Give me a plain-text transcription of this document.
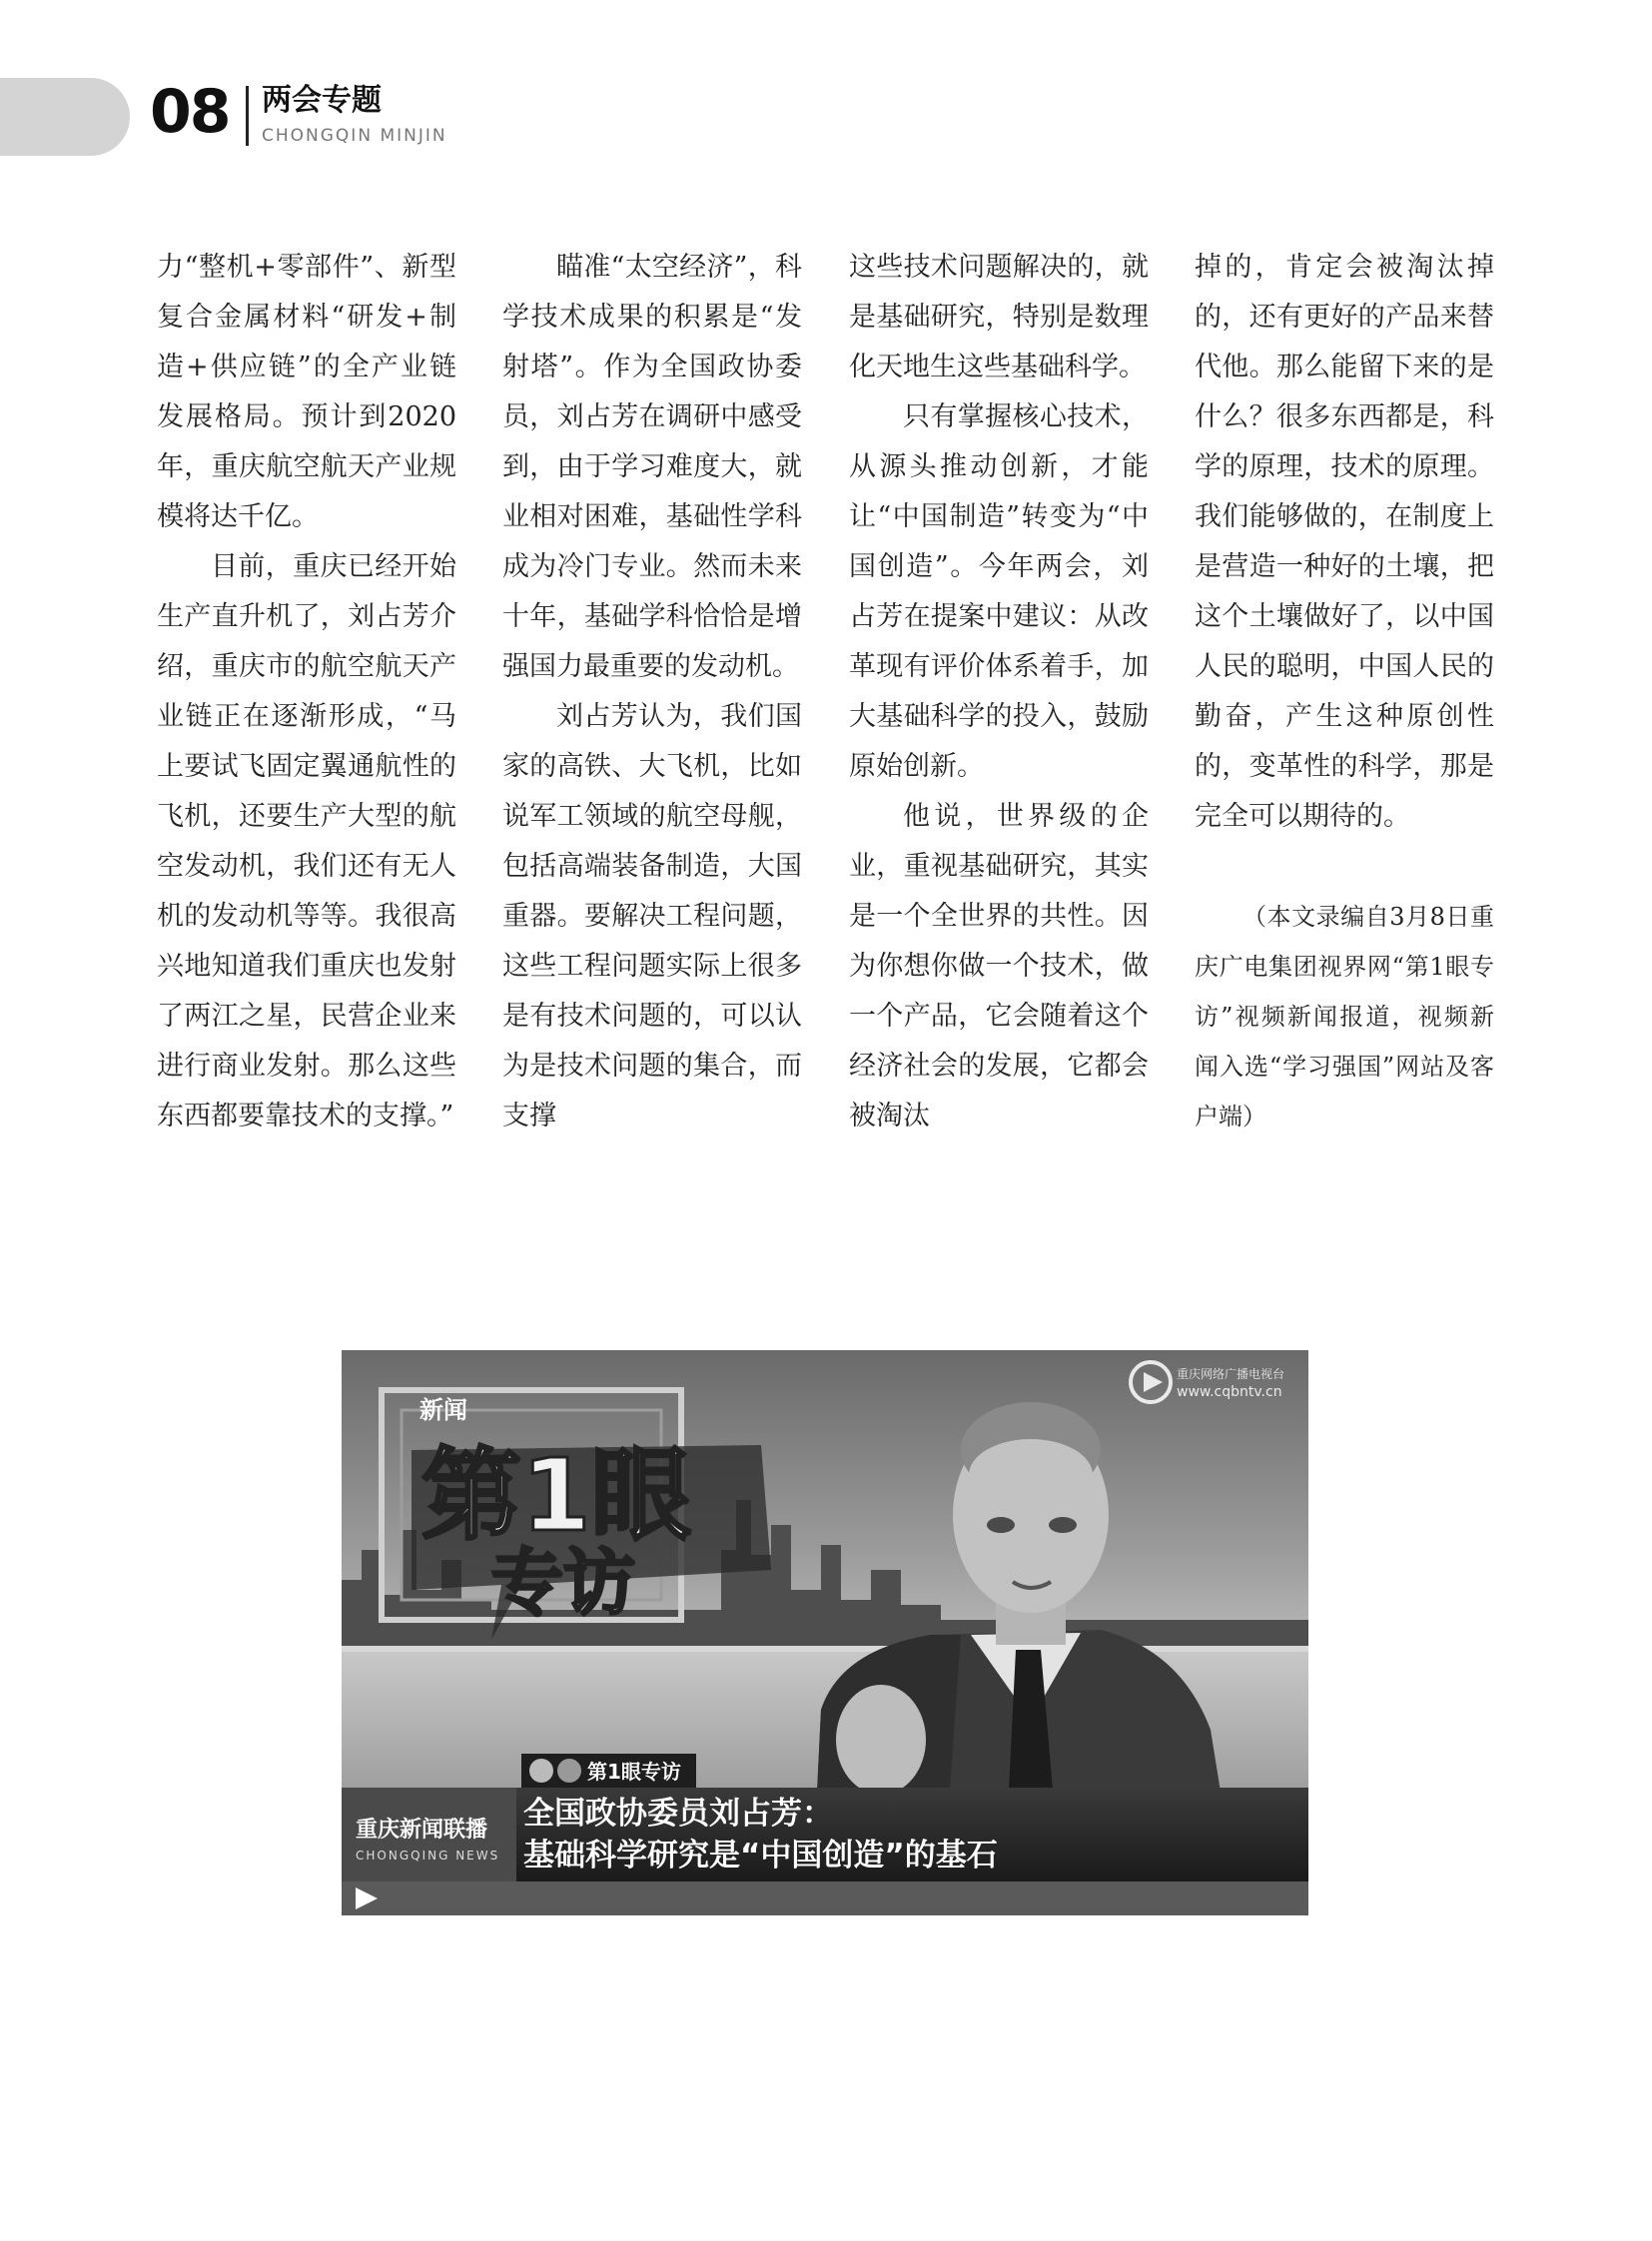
08 两会专题
CHONGQIN MINJIN

力“整机+零部件”、新型复合金属材料“研发+制造+供应链”的全产业链发展格局。预计到2020年，重庆航空航天产业规模将达千亿。

目前，重庆已经开始生产直升机了，刘占芳介绍，重庆市的航空航天产业链正在逐渐形成，“马上要试飞固定翼通航性的飞机，还要生产大型的航空发动机，我们还有无人机的发动机等等。我很高兴地知道我们重庆也发射了两江之星，民营企业来进行商业发射。那么这些东西都要靠技术的支撑。”

瞄准“太空经济”，科学技术成果的积累是“发射塔”。作为全国政协委员，刘占芳在调研中感受到，由于学习难度大，就业相对困难，基础性学科成为冷门专业。然而未来十年，基础学科恰恰是增强国力最重要的发动机。

刘占芳认为，我们国家的高铁、大飞机，比如说军工领域的航空母舰，包括高端装备制造，大国重器。要解决工程问题，这些工程问题实际上很多是有技术问题的，可以认为是技术问题的集合，而支撑

这些技术问题解决的，就是基础研究，特别是数理化天地生这些基础科学。

只有掌握核心技术，从源头推动创新，才能让“中国制造”转变为“中国创造”。今年两会，刘占芳在提案中建议：从改革现有评价体系着手，加大基础科学的投入，鼓励原始创新。

他说，世界级的企业，重视基础研究，其实是一个全世界的共性。因为你想你做一个技术，做一个产品，它会随着这个经济社会的发展，它都会被淘汰

掉的，肯定会被淘汰掉的，还有更好的产品来替代他。那么能留下来的是什么？很多东西都是，科学的原理，技术的原理。我们能够做的，在制度上是营造一种好的土壤，把这个土壤做好了，以中国人民的聪明，中国人民的勤奋，产生这种原创性的，变革性的科学，那是完全可以期待的。

（本文录编自3月8日重庆广电集团视界网“第1眼专访”视频新闻报道，视频新闻入选“学习强国”网站及客户端）

新闻
第1眼
专访
重庆网络广播电视台
www.cqbntv.cn
第1眼专访
重庆新闻联播
CHONGQING NEWS
全国政协委员刘占芳：
基础科学研究是“中国创造”的基石
